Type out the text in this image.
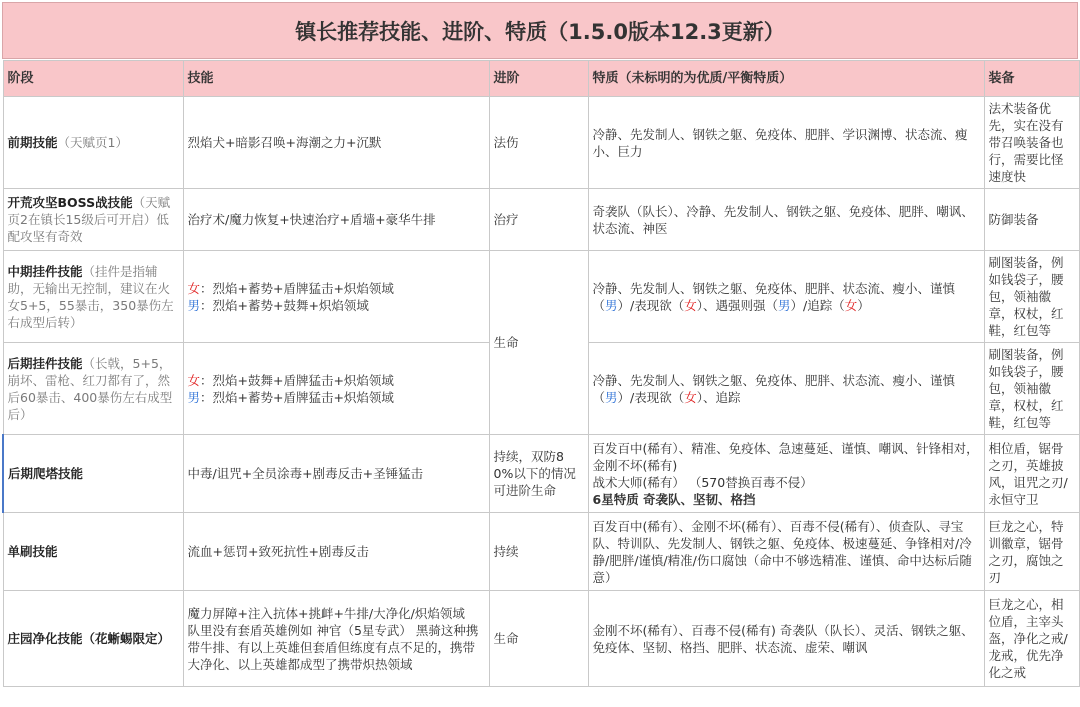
镇长推荐技能、进阶、特质（1.5.0版本12.3更新）
阶段	技能	进阶	特质（未标明的为优质/平衡特质）	装备
前期技能（天赋页1）	烈焰犬+暗影召唤+海潮之力+沉默	法伤	冷静、先发制人、钢铁之躯、免疫体、肥胖、学识渊博、状态流、瘦小、巨力	法术装备优先，实在没有带召唤装备也行，需要比怪速度快
开荒攻坚BOSS战技能（天赋页2在镇长15级后可开启）低配攻坚有奇效	治疗术/魔力恢复+快速治疗+盾墙+豪华牛排	治疗	奇袭队（队长）、冷静、先发制人、钢铁之躯、免疫体、肥胖、嘲讽、状态流、神医	防御装备
中期挂件技能（挂件是指辅助，无输出无控制，建议在火女5+5，55暴击，350暴伤左右成型后转）	女：烈焰+蓄势+盾牌猛击+炽焰领域
男：烈焰+蓄势+鼓舞+炽焰领域	生命	冷静、先发制人、钢铁之躯、免疫体、肥胖、状态流、瘦小、谨慎（男）/表现欲（女）、遇强则强（男）/追踪（女）	刷图装备，例如钱袋子，腰包，领袖徽章，权杖，红鞋，红包等
后期挂件技能（长戟，5+5，崩坏、雷枪、红刀都有了，然后60暴击、400暴伤左右成型后）	女：烈焰+鼓舞+盾牌猛击+炽焰领域
男：烈焰+蓄势+盾牌猛击+炽焰领域		冷静、先发制人、钢铁之躯、免疫体、肥胖、状态流、瘦小、谨慎（男）/表现欲（女）、追踪	刷图装备，例如钱袋子，腰包，领袖徽章，权杖，红鞋，红包等
后期爬塔技能	中毒/诅咒+全员涂毒+剧毒反击+圣锤猛击	持续，双防80%以下的情况可进阶生命	百发百中(稀有）、精准、免疫体、急速蔓延、谨慎、嘲讽、针锋相对，金刚不坏(稀有)
战术大师(稀有） （570替换百毒不侵）
6星特质 奇袭队、坚韧、格挡	相位盾，锯骨之刃，英雄披风，诅咒之刃/永恒守卫
单刷技能	流血+惩罚+致死抗性+剧毒反击	持续	百发百中(稀有）、金刚不坏(稀有）、百毒不侵(稀有）、侦查队、寻宝队、特训队、先发制人、钢铁之躯、免疫体、极速蔓延、争锋相对/冷静/肥胖/谨慎/精准/伤口腐蚀（命中不够选精准、谨慎、命中达标后随意）	巨龙之心，特训徽章，锯骨之刃，腐蚀之刃
庄园净化技能（花蜥蜴限定）	魔力屏障+注入抗体+挑衅+牛排/大净化/炽焰领域
队里没有套盾英雄例如 神官（5星专武） 黑骑这种携带牛排、有以上英雄但套盾但练度有点不足的，携带大净化、以上英雄都成型了携带炽热领域	生命	金刚不坏(稀有）、百毒不侵(稀有) 奇袭队（队长）、灵活、钢铁之躯、免疫体、坚韧、格挡、肥胖、状态流、虚荣、嘲讽	巨龙之心，相位盾，主宰头盔，净化之戒/龙戒，优先净化之戒
